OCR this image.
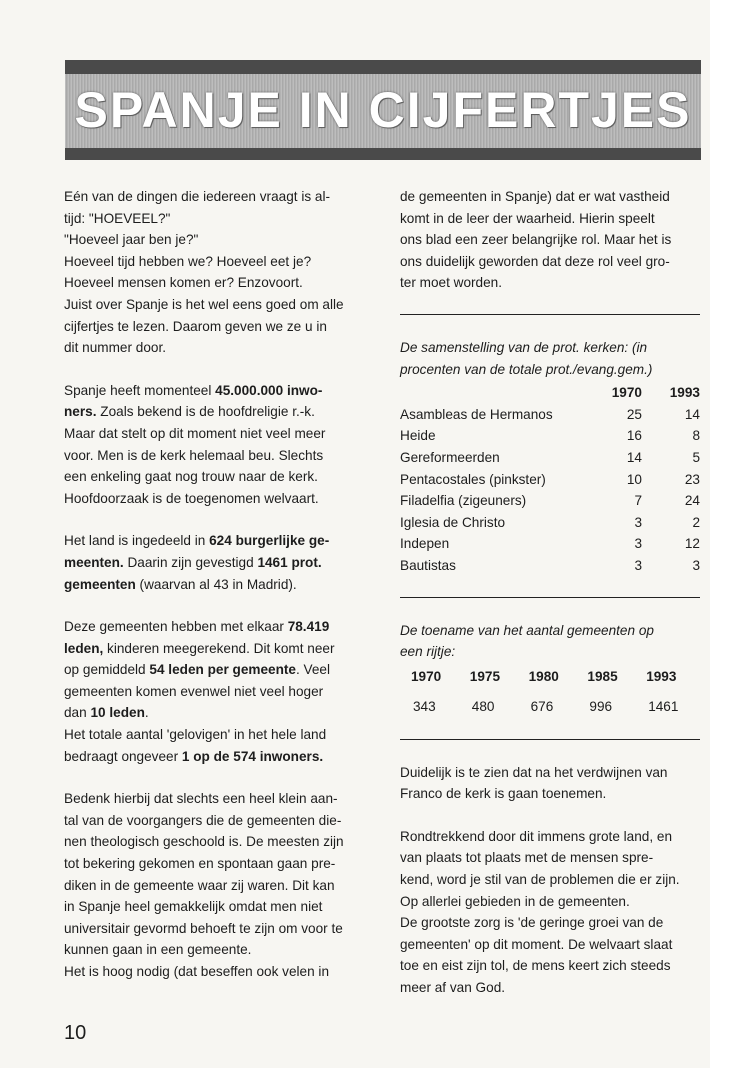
SPANJE IN CIJFERTJES

Eén van de dingen die iedereen vraagt is al-
tijd: "HOEVEEL?"
"Hoeveel jaar ben je?"
Hoeveel tijd hebben we? Hoeveel eet je?
Hoeveel mensen komen er? Enzovoort.
Juist over Spanje is het wel eens goed om alle
cijfertjes te lezen. Daarom geven we ze u in
dit nummer door.

Spanje heeft momenteel 45.000.000 inwo-
ners. Zoals bekend is de hoofdreligie r.-k.
Maar dat stelt op dit moment niet veel meer
voor. Men is de kerk helemaal beu. Slechts
een enkeling gaat nog trouw naar de kerk.
Hoofdoorzaak is de toegenomen welvaart.

Het land is ingedeeld in 624 burgerlijke ge-
meenten. Daarin zijn gevestigd 1461 prot.
gemeenten (waarvan al 43 in Madrid).

Deze gemeenten hebben met elkaar 78.419
leden, kinderen meegerekend. Dit komt neer
op gemiddeld 54 leden per gemeente. Veel
gemeenten komen evenwel niet veel hoger
dan 10 leden.
Het totale aantal 'gelovigen' in het hele land
bedraagt ongeveer 1 op de 574 inwoners.

Bedenk hierbij dat slechts een heel klein aan-
tal van de voorgangers die de gemeenten die-
nen theologisch geschoold is. De meesten zijn
tot bekering gekomen en spontaan gaan pre-
diken in de gemeente waar zij waren. Dit kan
in Spanje heel gemakkelijk omdat men niet
universitair gevormd behoeft te zijn om voor te
kunnen gaan in een gemeente.
Het is hoog nodig (dat beseffen ook velen in

de gemeenten in Spanje) dat er wat vastheid
komt in de leer der waarheid. Hierin speelt
ons blad een zeer belangrijke rol. Maar het is
ons duidelijk geworden dat deze rol veel gro-
ter moet worden.

De samenstelling van de prot. kerken: (in
procenten van de totale prot./evang.gem.)
	1970	1993
Asambleas de Hermanos	25	14
Heide	16	8
Gereformeerden	14	5
Pentacostales (pinkster)	10	23
Filadelfia (zigeuners)	7	24
Iglesia de Christo	3	2
Indepen	3	12
Bautistas	3	3
De toename van het aantal gemeenten op
een rijtje:
1970	1975	1980	1985	1993
343	480	676	996	1461

Duidelijk is te zien dat na het verdwijnen van
Franco de kerk is gaan toenemen.

Rondtrekkend door dit immens grote land, en
van plaats tot plaats met de mensen spre-
kend, word je stil van de problemen die er zijn.
Op allerlei gebieden in de gemeenten.
De grootste zorg is 'de geringe groei van de
gemeenten' op dit moment. De welvaart slaat
toe en eist zijn tol, de mens keert zich steeds
meer af van God.

10
